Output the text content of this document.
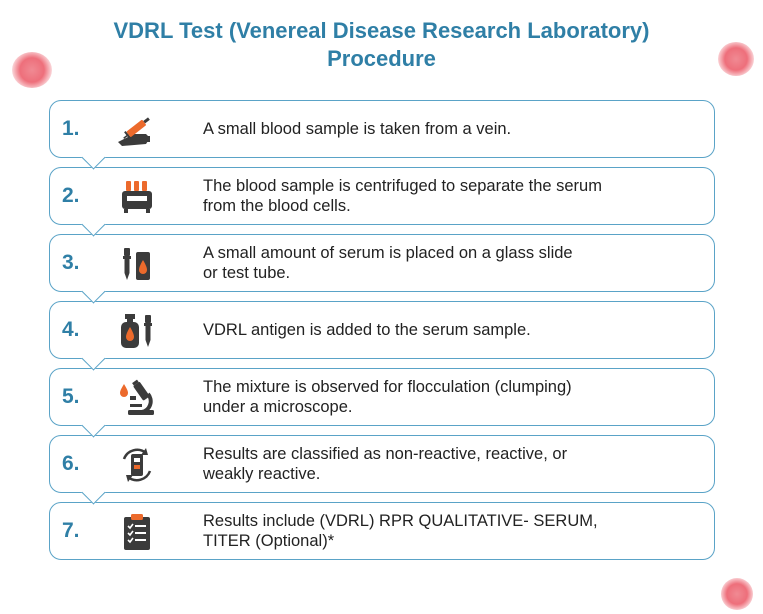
VDRL Test (Venereal Disease Research Laboratory)
Procedure
1.	A small blood sample is taken from a vein.
2.	The blood sample is centrifuged to separate the serum
from the blood cells.
3.	A small amount of serum is placed on a glass slide
or test tube.
4.	VDRL antigen is added to the serum sample.
5.	The mixture is observed for flocculation (clumping)
under a microscope.
6.	Results are classified as non-reactive, reactive, or
weakly reactive.
7.	Results include (VDRL) RPR QUALITATIVE- SERUM,
TITER (Optional)*
